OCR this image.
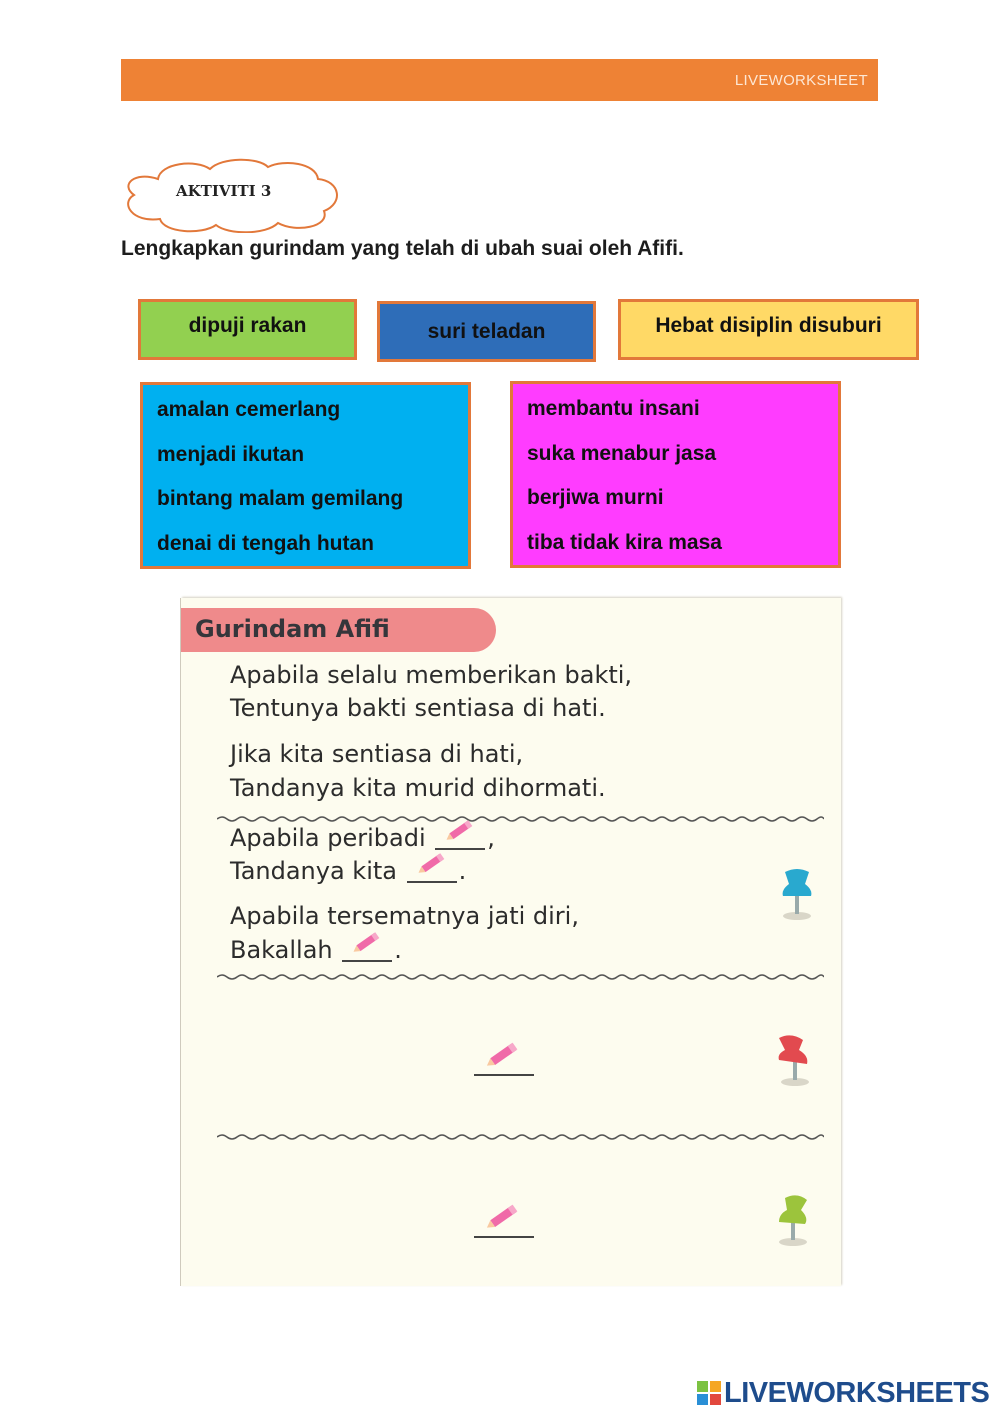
LIVEWORKSHEET
AKTIVITI 3
Lengkapkan gurindam yang telah di ubah suai oleh Afifi.
dipuji rakan	suri teladan	Hebat disiplin disuburi
amalan cemerlang
menjadi ikutan
bintang malam gemilang
denai di tengah hutan
membantu insani
suka menabur jasa
berjiwa murni
tiba tidak kira masa
Gurindam Afifi
Apabila selalu memberikan bakti,
Tentunya bakti sentiasa di hati.
Jika kita sentiasa di hati,
Tandanya kita murid dihormati.
Apabila peribadi
,
Tandanya kita
.
Apabila tersematnya jati diri,
Bakallah
.
LIVEWORKSHEETS
